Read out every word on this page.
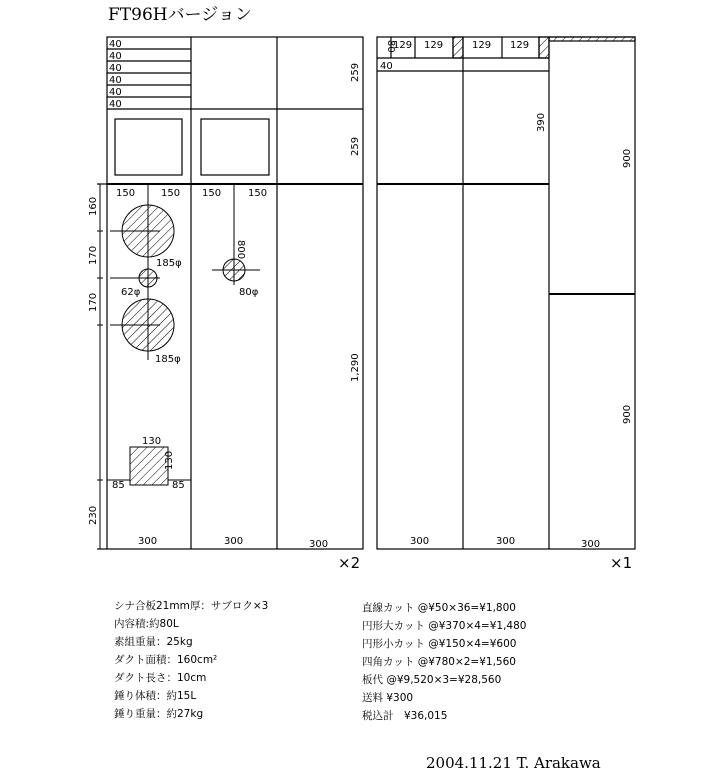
FT96Hバージョン
40
40
40
40
40
40
259
259
1,290
150	150 150	150
160
170
170
230
800
185φ
62φ
185φ
80φ
130
130
85	85
300	300	300
80
129 129	129 129
40
390
900
900
300	300	300
×2	×1
シナ合板21mm厚：サブロク×3
内容積:約80L
素組重量：25kg
ダクト面積：160cm²
ダクト長さ：10cm
錘り体積：約15L
錘り重量：約27kg
直線カット @¥50×36=¥1,800
円形大カット @¥370×4=¥1,480
円形小カット @¥150×4=¥600
四角カット @¥780×2=¥1,560
板代 @¥9,520×3=¥28,560
送料 ¥300
税込計　¥36,015
2004.11.21 T. Arakawa
